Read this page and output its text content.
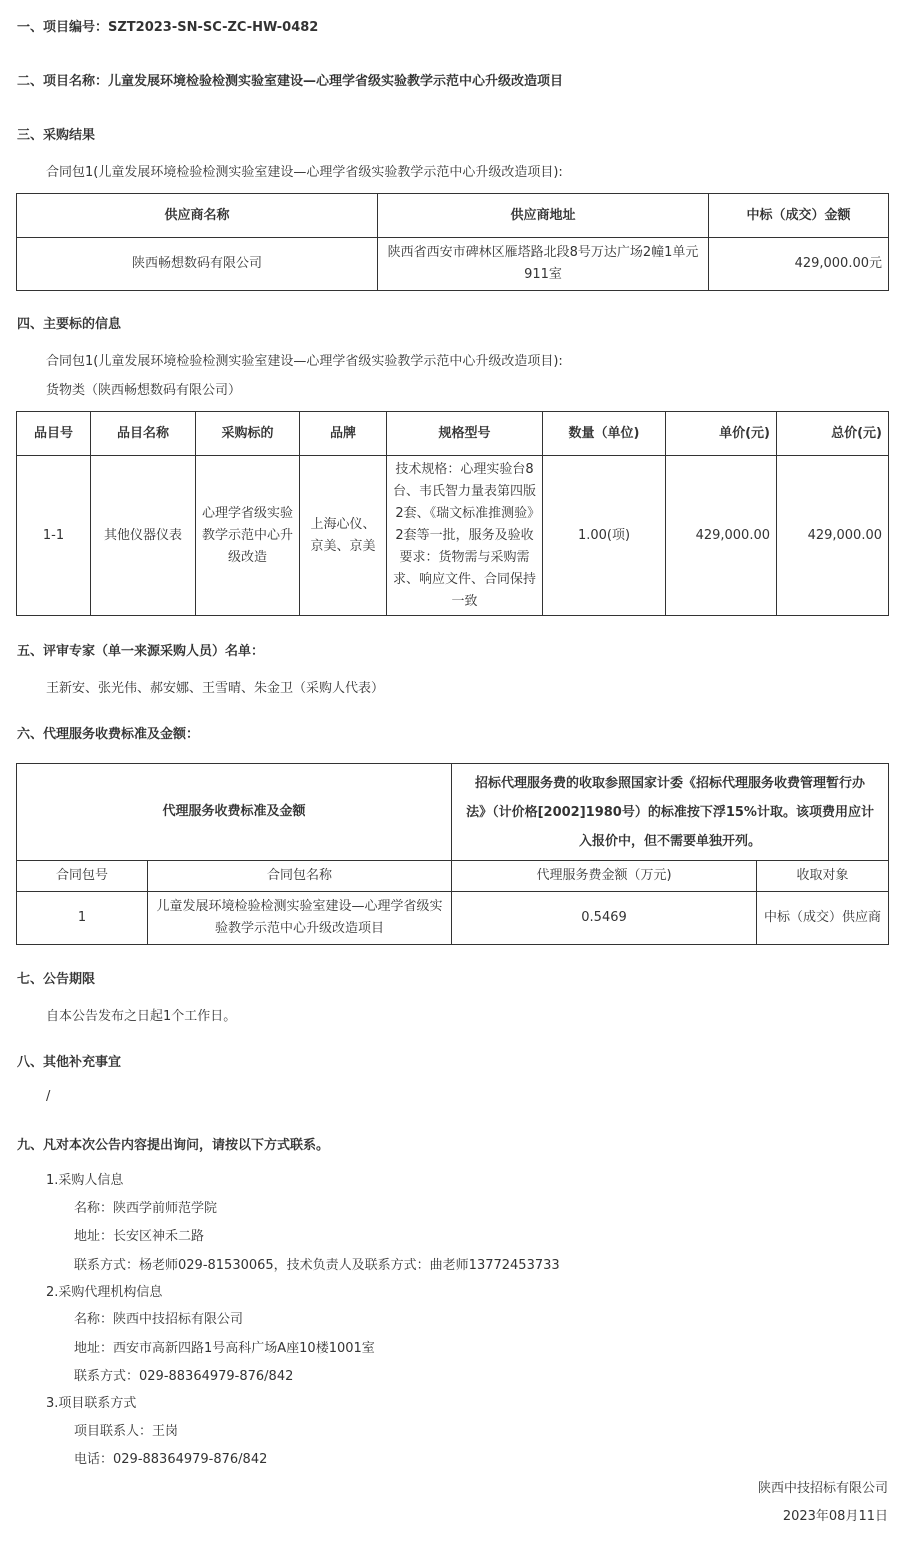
一、项目编号：SZT2023-SN-SC-ZC-HW-0482
二、项目名称：儿童发展环境检验检测实验室建设—心理学省级实验教学示范中心升级改造项目
三、采购结果
合同包1(儿童发展环境检验检测实验室建设—心理学省级实验教学示范中心升级改造项目):
供应商名称	供应商地址	中标（成交）金额
陕西畅想数码有限公司	陕西省西安市碑林区雁塔路北段8号万达广场2幢1单元911室	429,000.00元
四、主要标的信息
合同包1(儿童发展环境检验检测实验室建设—心理学省级实验教学示范中心升级改造项目):
货物类（陕西畅想数码有限公司）
品目号	品目名称	采购标的	品牌	规格型号	数量（单位)	单价(元)	总价(元)
1-1	其他仪器仪表	心理学省级实验教学示范中心升级改造	上海心仪、京美、京美	技术规格：心理实验台8台、韦氏智力量表第四版2套、《瑞文标准推测验》2套等一批，服务及验收要求：货物需与采购需求、响应文件、合同保持一致	1.00(项)	429,000.00	429,000.00
五、评审专家（单一来源采购人员）名单：
王新安、张光伟、郝安娜、王雪晴、朱金卫（采购人代表）
六、代理服务收费标准及金额：
代理服务收费标准及金额		招标代理服务费的收取参照国家计委《招标代理服务收费管理暂行办法》（计价格[2002]1980号）的标准按下浮15%计取。该项费用应计入报价中，但不需要单独开列。	
合同包号	合同包名称	代理服务费金额（万元)	收取对象
1	儿童发展环境检验检测实验室建设—心理学省级实验教学示范中心升级改造项目	0.5469	中标（成交）供应商
七、公告期限
自本公告发布之日起1个工作日。
八、其他补充事宜
/
九、凡对本次公告内容提出询问，请按以下方式联系。
1.采购人信息
名称：陕西学前师范学院
地址：长安区神禾二路
联系方式：杨老师029-81530065，技术负责人及联系方式：曲老师13772453733
2.采购代理机构信息
名称：陕西中技招标有限公司
地址：西安市高新四路1号高科广场A座10楼1001室
联系方式：029-88364979-876/842
3.项目联系方式
项目联系人：王岗
电话：029-88364979-876/842
陕西中技招标有限公司
2023年08月11日
